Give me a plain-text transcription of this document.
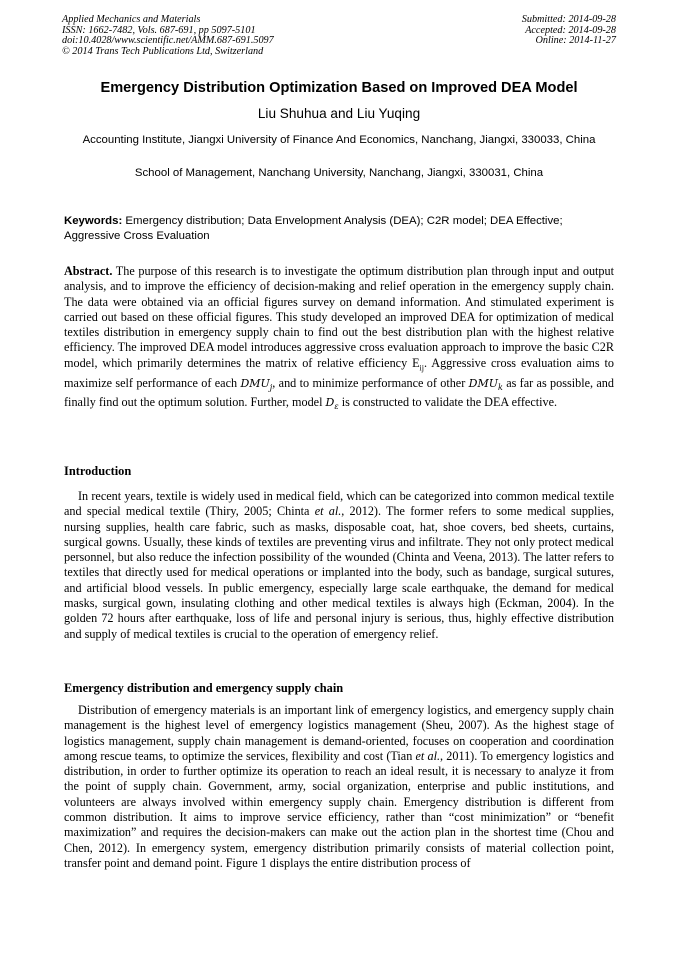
Applied Mechanics and Materials
ISSN: 1662-7482, Vols. 687-691, pp 5097-5101
doi:10.4028/www.scientific.net/AMM.687-691.5097
© 2014 Trans Tech Publications Ltd, Switzerland
Submitted: 2014-09-28
Accepted: 2014-09-28
Online: 2014-11-27
Emergency Distribution Optimization Based on Improved DEA Model
Liu Shuhua and Liu Yuqing
Accounting Institute, Jiangxi University of Finance And Economics, Nanchang, Jiangxi, 330033, China
School of Management, Nanchang University, Nanchang, Jiangxi, 330031, China
Keywords: Emergency distribution; Data Envelopment Analysis (DEA); C2R model; DEA Effective; Aggressive Cross Evaluation

Abstract. The purpose of this research is to investigate the optimum distribution plan through input and output analysis, and to improve the efficiency of decision-making and relief operation in the emergency supply chain. The data were obtained via an official figures survey on demand information. And stimulated experiment is carried out based on these official figures. This study developed an improved DEA for optimization of medical textiles distribution in emergency supply chain to find out the best distribution plan with the highest relative efficiency. The improved DEA model introduces aggressive cross evaluation approach to improve the basic C2R model, which primarily determines the matrix of relative efficiency $E_{ij}$. Aggressive cross evaluation aims to maximize self performance of each $DMU_j$, and to minimize performance of other $DMU_k$ as far as possible, and finally find out the optimum solution. Further, model $D_\varepsilon$ is constructed to validate the DEA effective.

Introduction

In recent years, textile is widely used in medical field, which can be categorized into common medical textile and special medical textile (Thiry, 2005; Chinta et al., 2012). The former refers to some medical supplies, nursing supplies, health care fabric, such as masks, disposable coat, hat, shoe covers, bed sheets, curtains, surgical gowns. Usually, these kinds of textiles are preventing virus and infiltrate. They not only protect medical personnel, but also reduce the infection possibility of the wounded (Chinta and Veena, 2013). The latter refers to textiles that directly used for medical operations or implanted into the body, such as bandage, surgical sutures, and artificial blood vessels. In public emergency, especially large scale earthquake, the demand for medical masks, surgical gown, insulating clothing and other medical textiles is always high (Eckman, 2004). In the golden 72 hours after earthquake, loss of life and personal injury is serious, thus, highly effective distribution and supply of medical textiles is crucial to the operation of emergency relief.

Emergency distribution and emergency supply chain

Distribution of emergency materials is an important link of emergency logistics, and emergency supply chain management is the highest level of emergency logistics management (Sheu, 2007). As the highest stage of logistics management, supply chain management is demand-oriented, focuses on cooperation and coordination among rescue teams, to optimize the services, flexibility and cost (Tian et al., 2011). To emergency logistics and distribution, in order to further optimize its operation to reach an ideal result, it is necessary to analyze it from the point of supply chain. Government, army, social organization, enterprise and public institutions, and volunteers are always involved within emergency supply chain. Emergency distribution is different from common distribution. It aims to improve service efficiency, rather than “cost minimization” or “benefit maximization” and requires the decision-makers can make out the action plan in the shortest time (Chou and Chen, 2012). In emergency system, emergency distribution primarily consists of material collection point, transfer point and demand point. Figure 1 displays the entire distribution process of
